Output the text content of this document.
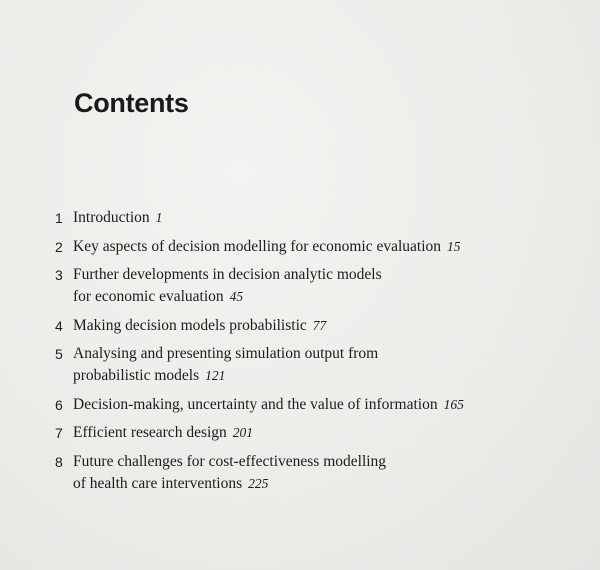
Contents
1 Introduction 1
2 Key aspects of decision modelling for economic evaluation 15
3 Further developments in decision analytic models
for economic evaluation 45
4 Making decision models probabilistic 77
5 Analysing and presenting simulation output from
probabilistic models 121
6 Decision-making, uncertainty and the value of information 165
7 Efficient research design 201
8 Future challenges for cost-effectiveness modelling
of health care interventions 225
